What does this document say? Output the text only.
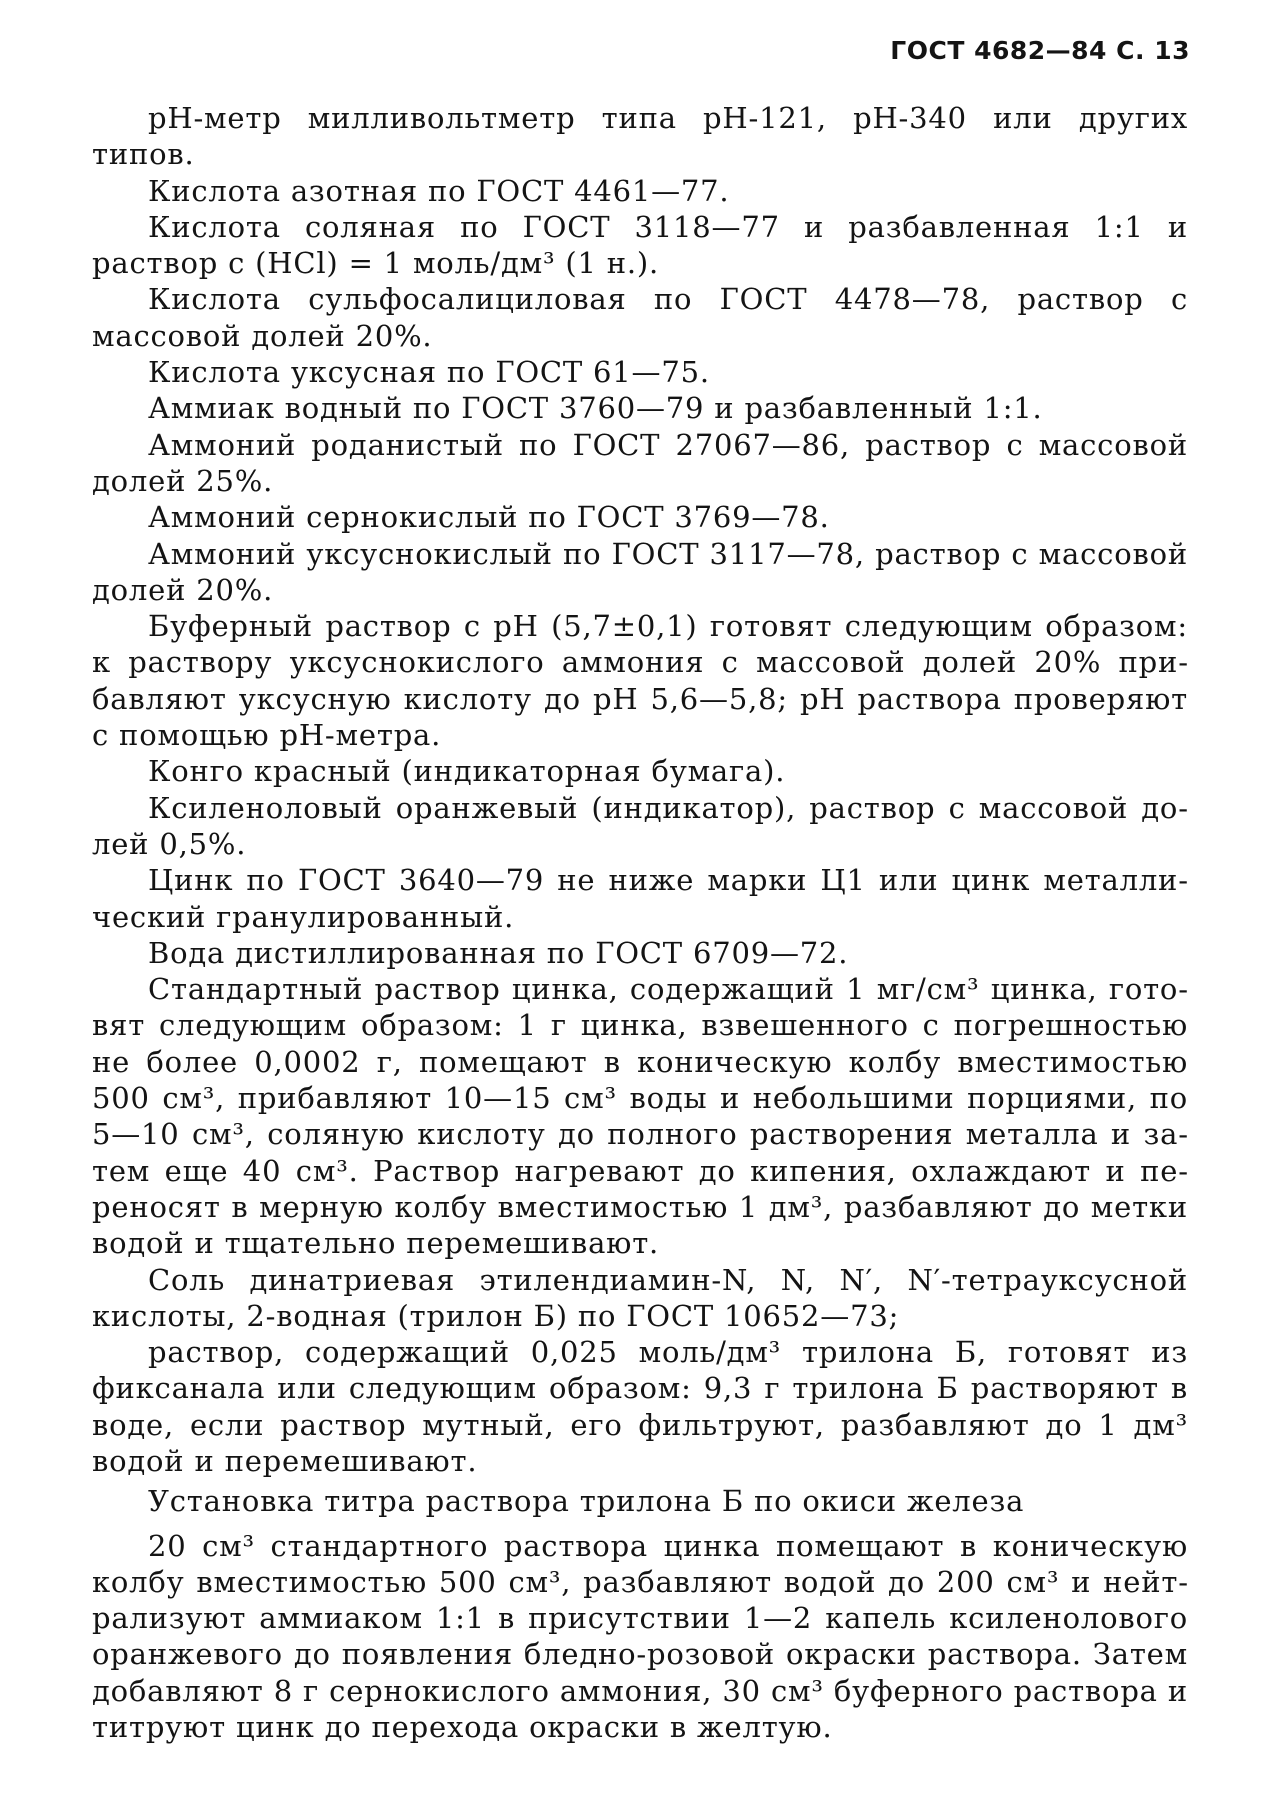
ГОСТ 4682—84 С. 13

pH-метр милливольтметр типа pH-121, pH-340 или других типов.

Кислота азотная по ГОСТ 4461—77.

Кислота соляная по ГОСТ 3118—77 и разбавленная 1:1 и раствор c (HCl) = 1 моль/дм³ (1 н.).

Кислота сульфосалициловая по ГОСТ 4478—78, раствор с массовой долей 20%.

Кислота уксусная по ГОСТ 61—75.

Аммиак водный по ГОСТ 3760—79 и разбавленный 1:1.

Аммоний роданистый по ГОСТ 27067—86, раствор с массовой долей 25%.

Аммоний сернокислый по ГОСТ 3769—78.

Аммоний уксуснокислый по ГОСТ 3117—78, раствор с массовой долей 20%.

Буферный раствор с pH (5,7±0,1) готовят следующим образом: к раствору уксуснокислого аммония с массовой долей 20% прибавляют уксусную кислоту до pH 5,6—5,8; pH раствора проверяют с помощью pH-метра.

Конго красный (индикаторная бумага).

Ксиленоловый оранжевый (индикатор), раствор с массовой долей 0,5%.

Цинк по ГОСТ 3640—79 не ниже марки Ц1 или цинк металлический гранулированный.

Вода дистиллированная по ГОСТ 6709—72.

Стандартный раствор цинка, содержащий 1 мг/см³ цинка, готовят следующим образом: 1 г цинка, взвешенного с погрешностью не более 0,0002 г, помещают в коническую колбу вместимостью 500 см³, прибавляют 10—15 см³ воды и небольшими порциями, по 5—10 см³, соляную кислоту до полного растворения металла и затем еще 40 см³. Раствор нагревают до кипения, охлаждают и переносят в мерную колбу вместимостью 1 дм³, разбавляют до метки водой и тщательно перемешивают.

Соль динатриевая этилендиамин-N, N, N′, N′-тетрауксусной кислоты, 2-водная (трилон Б) по ГОСТ 10652—73;

раствор, содержащий 0,025 моль/дм³ трилона Б, готовят из фиксанала или следующим образом: 9,3 г трилона Б растворяют в воде, если раствор мутный, его фильтруют, разбавляют до 1 дм³ водой и перемешивают.

Установка титра раствора трилона Б по окиси железа

20 см³ стандартного раствора цинка помещают в коническую колбу вместимостью 500 см³, разбавляют водой до 200 см³ и нейтрализуют аммиаком 1:1 в присутствии 1—2 капель ксиленолового оранжевого до появления бледно-розовой окраски раствора. Затем добавляют 8 г сернокислого аммония, 30 см³ буферного раствора и титруют цинк до перехода окраски в желтую.
